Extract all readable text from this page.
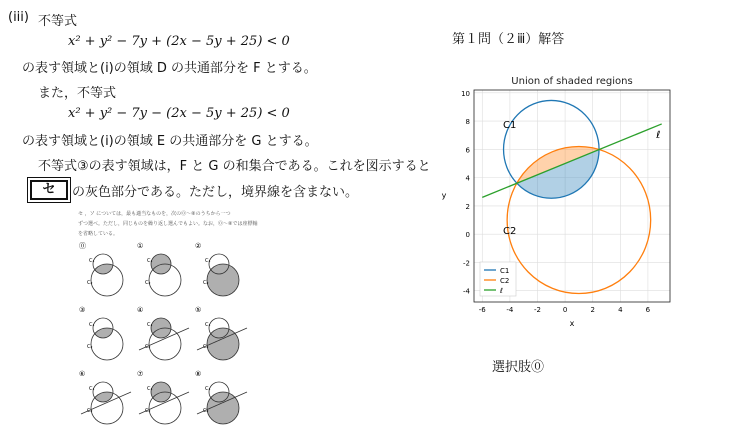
(iii) 不等式
x² + y² − 7y + (2x − 5y + 25) < 0
の表す領域と(i)の領域 D の共通部分を F とする。
また，不等式
x² + y² − 7y − (2x − 5y + 25) < 0
の表す領域と(i)の領域 E の共通部分を G とする。
不等式③の表す領域は，F と G の和集合である。これを図示すると
セ	の灰色部分である。ただし，境界線を含まない。
セ ，ソ については，最も適当なものを，次の⓪〜⑧のうちから一つ
ずつ選べ。ただし，同じものを繰り返し選んでもよい。なお，⓪〜⑧では座標軸
を省略している。
⓪
C₂
C₁
①
C₂
C₁
②
C₂
C₁
③
C₂
C₁
④
C₂
C₁
⑤
C₂
C₁
⑥
C₂
C₁
⑦
C₂
C₁
⑧
C₂
C₁
第１問（２ⅲ）解答
Union of shaded regions
-6	-4	-2	0	2	4	6
-4
-2
0
2
4
6
8
10
C1
C2
ℓ
C1
C2
ℓ
x
y
選択肢⓪
